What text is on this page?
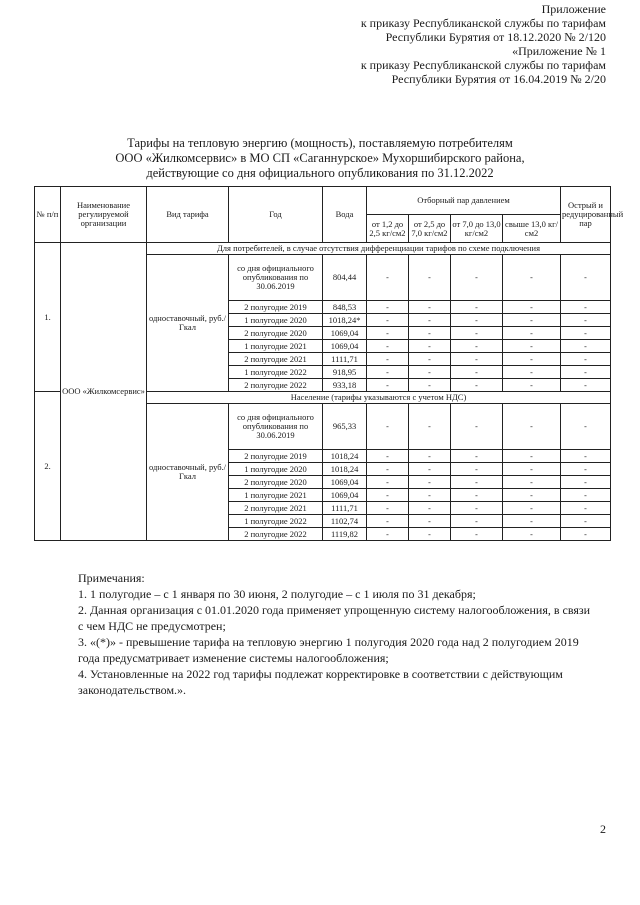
Приложение
к приказу Республиканской службы по тарифам
Республики Бурятия от 18.12.2020 № 2/120
«Приложение № 1
к приказу Республиканской службы по тарифам
Республики Бурятия от 16.04.2019 № 2/20
Тарифы на тепловую энергию (мощность), поставляемую потребителям
ООО «Жилкомсервис» в МО СП «Саганнурское» Мухоршибирского района,
действующие со дня официального опубликования по 31.12.2022
№ п/п	Наименование регулируемой организации	Вид тарифа	Год	Вода	Отборный пар давлением				Острый и редуцированный пар
					от 1,2 до 2,5 кг/см2	от 2,5 до 7,0 кг/см2	от 7,0 до 13,0 кг/см2	свыше 13,0 кг/см2	
1.	ООО «Жилкомсервис»	Для потребителей, в случае отсутствия дифференциации тарифов по схеме подключения							
		одноставочный, руб./Гкал	со дня официального опубликования по 30.06.2019	804,44	-	-	-	-	-
			2 полугодие 2019	848,53	-	-	-	-	-
			1 полугодие 2020	1018,24*	-	-	-	-	-
			2 полугодие 2020	1069,04	-	-	-	-	-
			1 полугодие 2021	1069,04	-	-	-	-	-
			2 полугодие 2021	1111,71	-	-	-	-	-
			1 полугодие 2022	918,95	-	-	-	-	-
			2 полугодие 2022	933,18	-	-	-	-	-
2.		Население (тарифы указываются с учетом НДС)							
		одноставочный, руб./Гкал	со дня официального опубликования по 30.06.2019	965,33	-	-	-	-	-
			2 полугодие 2019	1018,24	-	-	-	-	-
			1 полугодие 2020	1018,24	-	-	-	-	-
			2 полугодие 2020	1069,04	-	-	-	-	-
			1 полугодие 2021	1069,04	-	-	-	-	-
			2 полугодие 2021	1111,71	-	-	-	-	-
			1 полугодие 2022	1102,74	-	-	-	-	-
			2 полугодие 2022	1119,82	-	-	-	-	-
Примечания:
1. 1 полугодие – с 1 января по 30 июня, 2 полугодие – с 1 июля по 31 декабря;
2. Данная организация с 01.01.2020 года применяет упрощенную систему налогообложения, в связи с чем НДС не предусмотрен;
3. «(*)» - превышение тарифа на тепловую энергию 1 полугодия 2020 года над 2 полугодием 2019 года предусматривает изменение системы налогообложения;
4. Установленные на 2022 год тарифы подлежат корректировке в соответствии с действующим законодательством.».
2
